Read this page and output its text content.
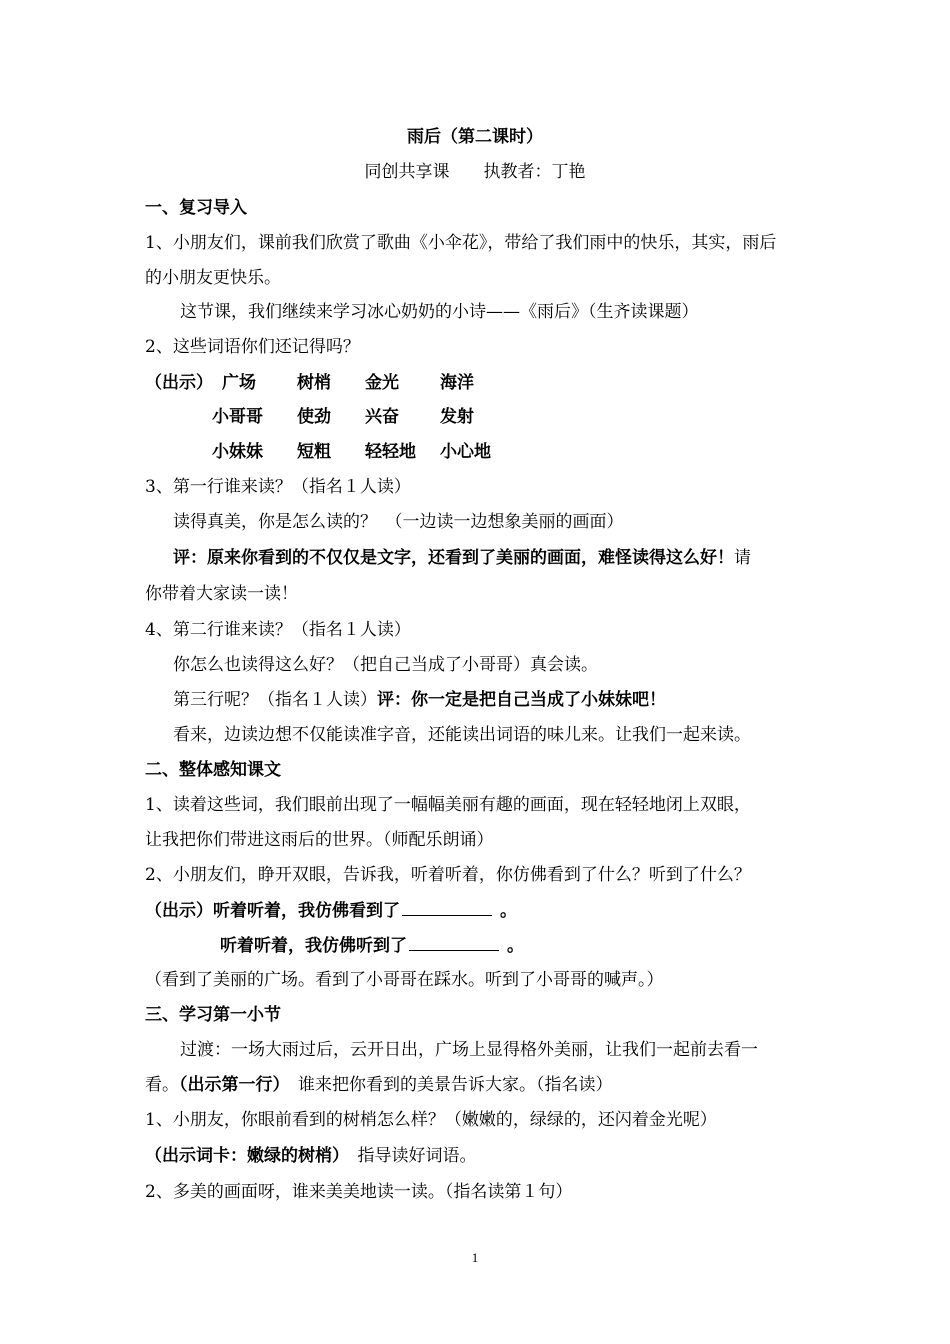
雨后（第二课时）
同创共享课　　执教者：丁艳
一、复习导入
1、小朋友们，课前我们欣赏了歌曲《小伞花》，带给了我们雨中的快乐，其实，雨后
的小朋友更快乐。
这节课，我们继续来学习冰心奶奶的小诗——《雨后》（生齐读课题）
2、这些词语你们还记得吗？
（出示） 广场 树梢 金光 海洋
小哥哥 使劲 兴奋 发射
小妹妹 短粗 轻轻地 小心地
3、第一行谁来读？（指名１人读）
读得真美，你是怎么读的？　（一边读一边想象美丽的画面）
评：原来你看到的不仅仅是文字，还看到了美丽的画面，难怪读得这么好！请
你带着大家读一读！
4、第二行谁来读？（指名１人读）
你怎么也读得这么好？（把自己当成了小哥哥）真会读。
第三行呢？（指名１人读）评：你一定是把自己当成了小妹妹吧！
看来，边读边想不仅能读准字音，还能读出词语的味儿来。让我们一起来读。
二、整体感知课文
1、读着这些词，我们眼前出现了一幅幅美丽有趣的画面，现在轻轻地闭上双眼，
让我把你们带进这雨后的世界。（师配乐朗诵）
2、小朋友们，睁开双眼，告诉我，听着听着，你仿佛看到了什么？听到了什么？
（出示）听着听着，我仿佛看到了	。
听着听着，我仿佛听到了	。
（看到了美丽的广场。看到了小哥哥在踩水。听到了小哥哥的喊声。）
三、学习第一小节
过渡：一场大雨过后，云开日出，广场上显得格外美丽，让我们一起前去看一
看。（出示第一行）　谁来把你看到的美景告诉大家。（指名读）
1、小朋友，你眼前看到的树梢怎么样？（嫩嫩的，绿绿的，还闪着金光呢）
（出示词卡：嫩绿的树梢）　指导读好词语。
2、多美的画面呀，谁来美美地读一读。（指名读第１句）
1
